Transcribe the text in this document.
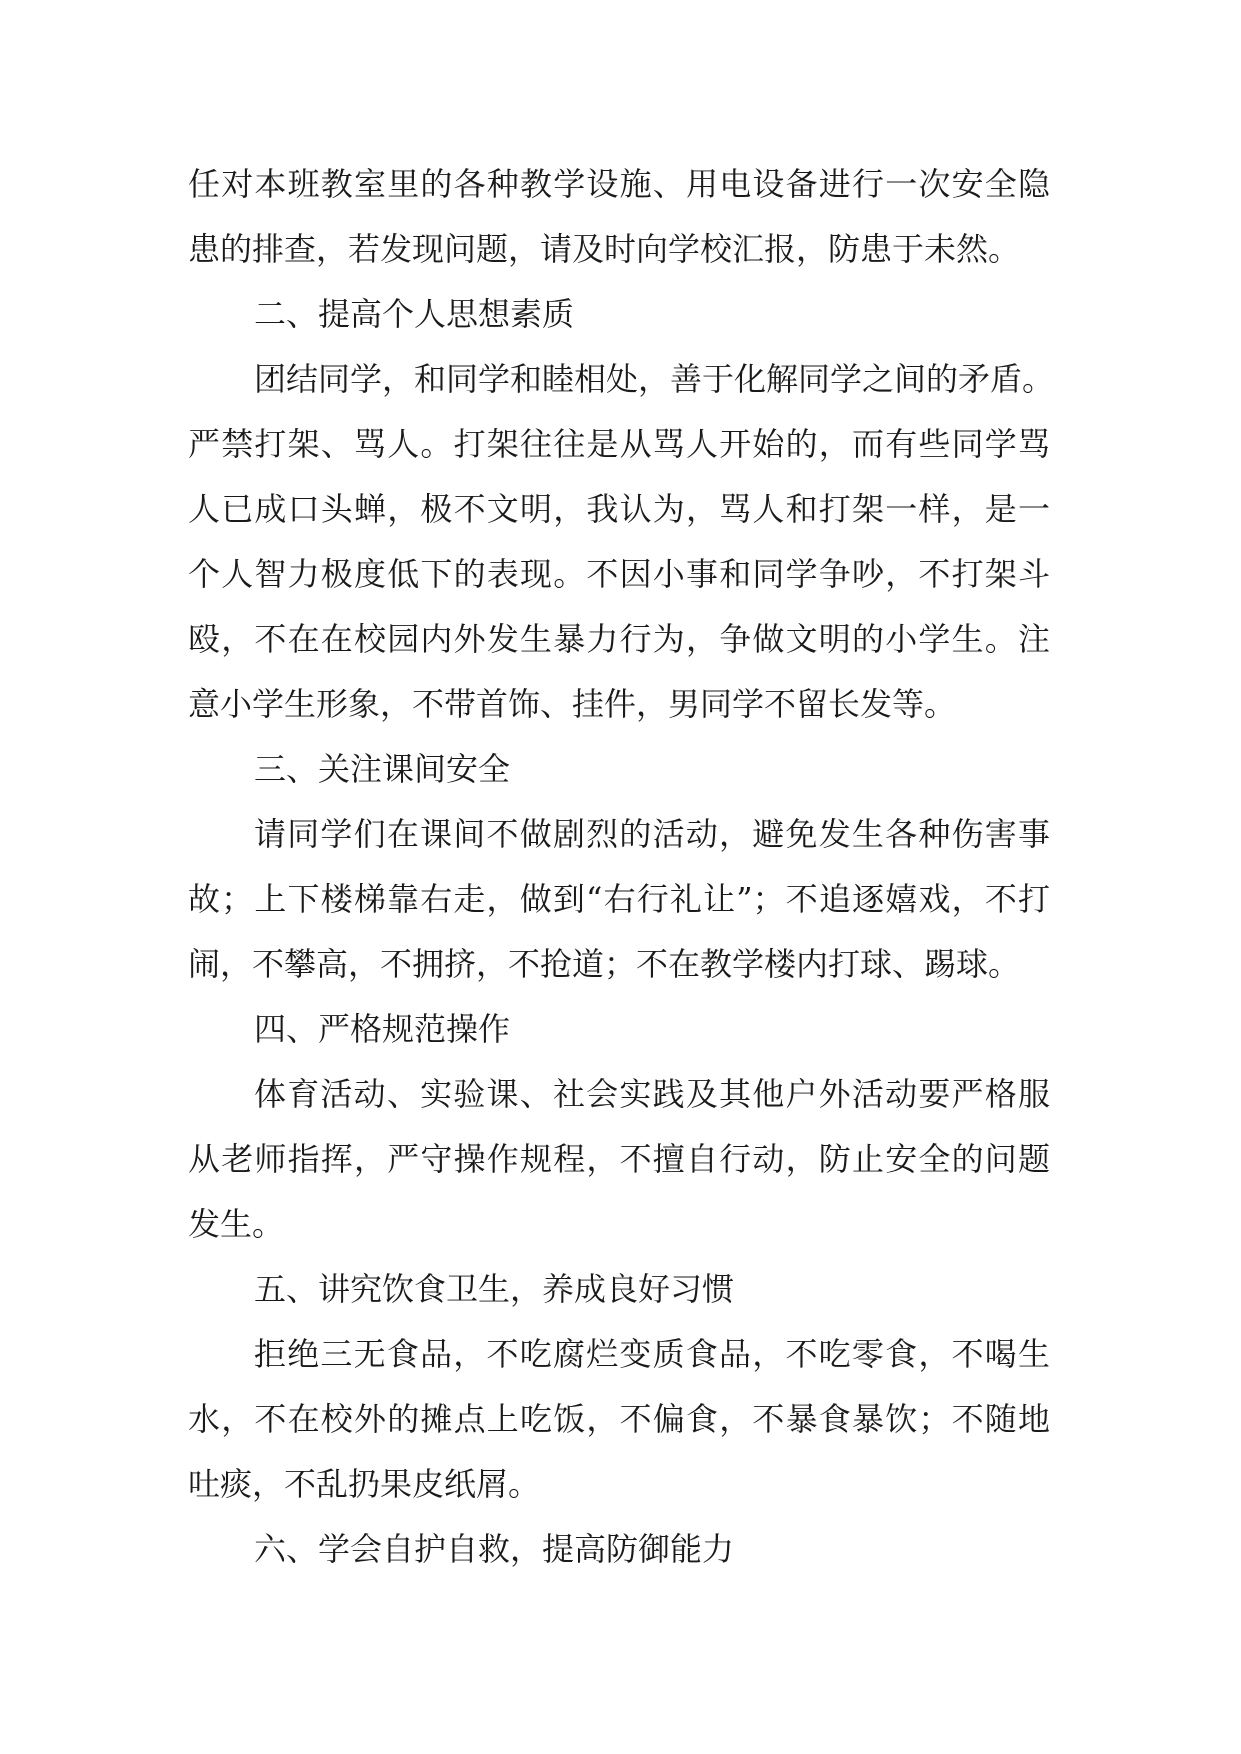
任对本班教室里的各种教学设施、用电设备进行一次安全隐
患的排查，若发现问题，请及时向学校汇报，防患于未然。
二、提高个人思想素质
团结同学，和同学和睦相处，善于化解同学之间的矛盾。
严禁打架、骂人。打架往往是从骂人开始的，而有些同学骂
人已成口头蝉，极不文明，我认为，骂人和打架一样，是一
个人智力极度低下的表现。不因小事和同学争吵，不打架斗
殴，不在在校园内外发生暴力行为，争做文明的小学生。注
意小学生形象，不带首饰、挂件，男同学不留长发等。
三、关注课间安全
请同学们在课间不做剧烈的活动，避免发生各种伤害事
故；上下楼梯靠右走，做到“右行礼让”；不追逐嬉戏，不打
闹，不攀高，不拥挤，不抢道；不在教学楼内打球、踢球。
四、严格规范操作
体育活动、实验课、社会实践及其他户外活动要严格服
从老师指挥，严守操作规程，不擅自行动，防止安全的问题
发生。
五、讲究饮食卫生，养成良好习惯
拒绝三无食品，不吃腐烂变质食品，不吃零食，不喝生
水，不在校外的摊点上吃饭，不偏食，不暴食暴饮；不随地
吐痰，不乱扔果皮纸屑。
六、学会自护自救，提高防御能力
